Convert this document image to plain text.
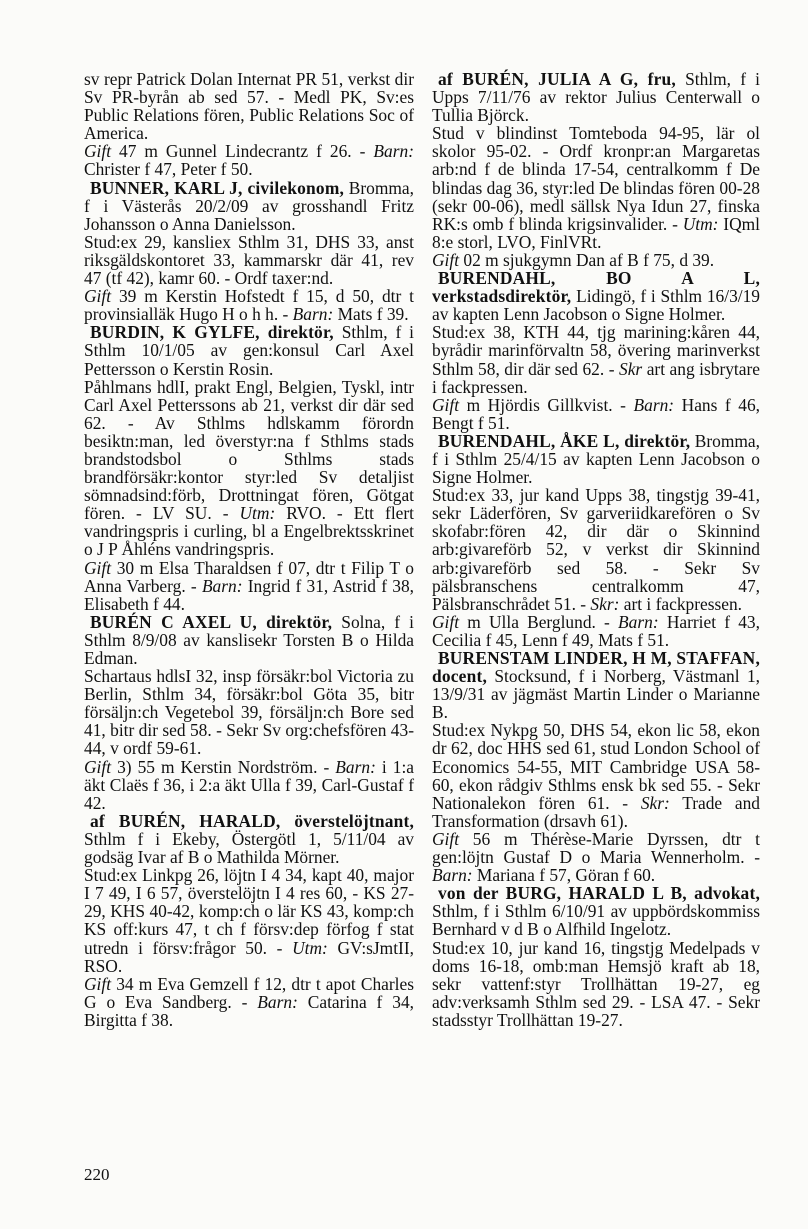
sv repr Patrick Dolan Internat PR 51, verkst dir Sv PR-byrån ab sed 57. - Medl PK, Sv:es Public Relations fören, Public Relations Soc of America.

Gift 47 m Gunnel Lindecrantz f 26. - Barn: Christer f 47, Peter f 50.

BUNNER, KARL J, civilekonom, Bromma, f i Västerås 20/2/09 av grosshandl Fritz Johansson o Anna Danielsson.

Stud:ex 29, kansliex Sthlm 31, DHS 33, anst riksgäldskontoret 33, kammarskr där 41, rev 47 (tf 42), kamr 60. - Ordf taxer:nd.

Gift 39 m Kerstin Hofstedt f 15, d 50, dtr t provinsialläk Hugo H o h h. - Barn: Mats f 39.

BURDIN, K GYLFE, direktör, Sthlm, f i Sthlm 10/1/05 av gen:konsul Carl Axel Pettersson o Kerstin Rosin.

Påhlmans hdlI, prakt Engl, Belgien, Tyskl, intr Carl Axel Petterssons ab 21, verkst dir där sed 62. - Av Sthlms hdlskamm förordn besiktn:man, led överstyr:na f Sthlms stads brandstodsbol o Sthlms stads brandförsäkr:kontor styr:led Sv detaljist sömnadsind:förb, Drottningat fören, Götgat fören. - LV SU. - Utm: RVO. - Ett flert vandringspris i curling, bl a Engelbrektsskrinet o J P Åhléns vandringspris.

Gift 30 m Elsa Tharaldsen f 07, dtr t Filip T o Anna Varberg. - Barn: Ingrid f 31, Astrid f 38, Elisabeth f 44.

BURÉN C AXEL U, direktör, Solna, f i Sthlm 8/9/08 av kanslisekr Torsten B o Hilda Edman.

Schartaus hdlsI 32, insp försäkr:bol Victoria zu Berlin, Sthlm 34, försäkr:bol Göta 35, bitr försäljn:ch Vegetebol 39, försäljn:ch Bore sed 41, bitr dir sed 58. - Sekr Sv org:chefsfören 43-44, v ordf 59-61.

Gift 3) 55 m Kerstin Nordström. - Barn: i 1:a äkt Claës f 36, i 2:a äkt Ulla f 39, Carl-Gustaf f 42.

af BURÉN, HARALD, överstelöjtnant, Sthlm f i Ekeby, Östergötl 1, 5/11/04 av godsäg Ivar af B o Mathilda Mörner.

Stud:ex Linkpg 26, löjtn I 4 34, kapt 40, major I 7 49, I 6 57, överstelöjtn I 4 res 60, - KS 27-29, KHS 40-42, komp:ch o lär KS 43, komp:ch KS off:kurs 47, t ch f försv:dep förfog f stat utredn i försv:frågor 50. - Utm: GV:sJmtII, RSO.

Gift 34 m Eva Gemzell f 12, dtr t apot Charles G o Eva Sandberg. - Barn: Catarina f 34, Birgitta f 38.

af BURÉN, JULIA A G, fru, Sthlm, f i Upps 7/11/76 av rektor Julius Centerwall o Tullia Björck.

Stud v blindinst Tomteboda 94-95, lär ol skolor 95-02. - Ordf kronpr:an Margaretas arb:nd f de blinda 17-54, centralkomm f De blindas dag 36, styr:led De blindas fören 00-28 (sekr 00-06), medl sällsk Nya Idun 27, finska RK:s omb f blinda krigsinvalider. - Utm: IQml 8:e storl, LVO, FinlVRt.

Gift 02 m sjukgymn Dan af B f 75, d 39.

BURENDAHL, BO A L, verkstadsdirektör, Lidingö, f i Sthlm 16/3/19 av kapten Lenn Jacobson o Signe Holmer.

Stud:ex 38, KTH 44, tjg marining:kåren 44, byrådir marinförvaltn 58, övering marinverkst Sthlm 58, dir där sed 62. - Skr art ang isbrytare i fackpressen.

Gift m Hjördis Gillkvist. - Barn: Hans f 46, Bengt f 51.

BURENDAHL, ÅKE L, direktör, Bromma, f i Sthlm 25/4/15 av kapten Lenn Jacobson o Signe Holmer.

Stud:ex 33, jur kand Upps 38, tingstjg 39-41, sekr Läderfören, Sv garveriidkarefören o Sv skofabr:fören 42, dir där o Skinnind arb:givareförb 52, v verkst dir Skinnind arb:givareförb sed 58. - Sekr Sv pälsbranschens centralkomm 47, Pälsbranschrådet 51. - Skr: art i fackpressen.

Gift m Ulla Berglund. - Barn: Harriet f 43, Cecilia f 45, Lenn f 49, Mats f 51.

BURENSTAM LINDER, H M, STAFFAN, docent, Stocksund, f i Norberg, Västmanl 1, 13/9/31 av jägmäst Martin Linder o Marianne B.

Stud:ex Nykpg 50, DHS 54, ekon lic 58, ekon dr 62, doc HHS sed 61, stud London School of Economics 54-55, MIT Cambridge USA 58-60, ekon rådgiv Sthlms ensk bk sed 55. - Sekr Nationalekon fören 61. - Skr: Trade and Transformation (drsavh 61).

Gift 56 m Thérèse-Marie Dyrssen, dtr t gen:löjtn Gustaf D o Maria Wennerholm. - Barn: Mariana f 57, Göran f 60.

von der BURG, HARALD L B, advokat, Sthlm, f i Sthlm 6/10/91 av uppbördskommiss Bernhard v d B o Alfhild Ingelotz.

Stud:ex 10, jur kand 16, tingstjg Medelpads v doms 16-18, omb:man Hemsjö kraft ab 18, sekr vattenf:styr Trollhättan 19-27, eg adv:verksamh Sthlm sed 29. - LSA 47. - Sekr stadsstyr Trollhättan 19-27.

220
